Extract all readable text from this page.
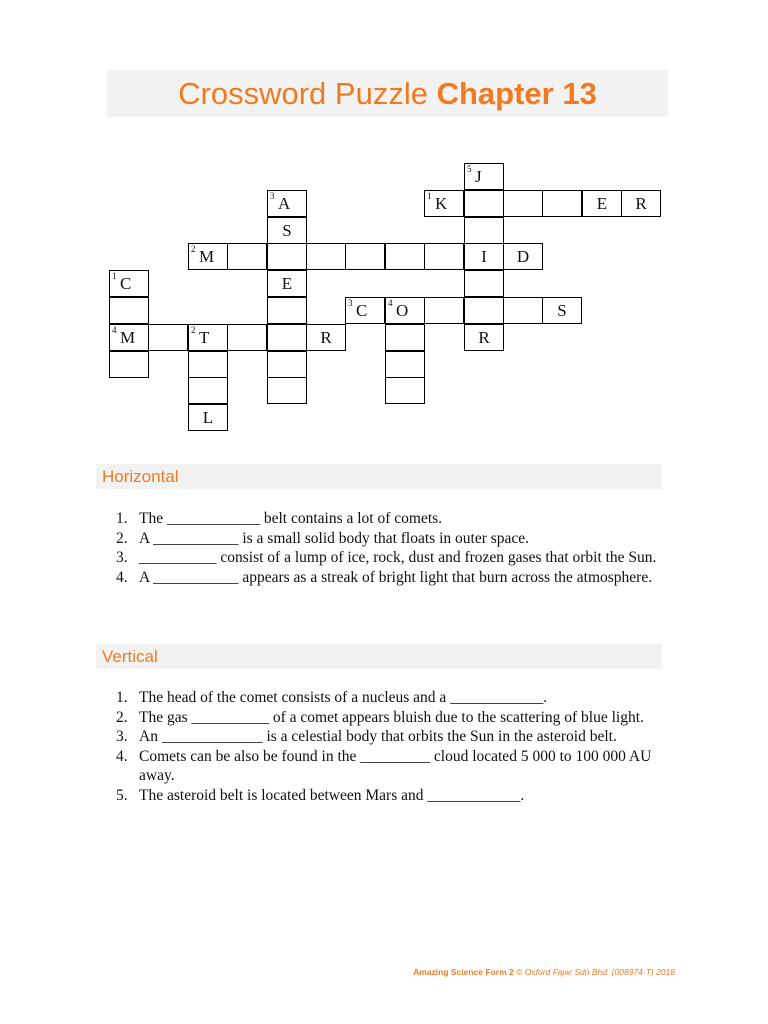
Crossword Puzzle Chapter 13
5 J
3 A	1 K	E	R
S
2 M	I	D
1 C	E
3 C	4 O	S
4 M	2 T	R	R
L
Horizontal
1. The ____________ belt contains a lot of comets.
2. A ___________ is a small solid body that floats in outer space.
3. __________ consist of a lump of ice, rock, dust and frozen gases that orbit the Sun.
4. A ___________ appears as a streak of bright light that burn across the atmosphere.
Vertical
1. The head of the comet consists of a nucleus and a ____________.
2. The gas __________ of a comet appears bluish due to the scattering of blue light.
3. An _____________ is a celestial body that orbits the Sun in the asteroid belt.
4. Comets can be also be found in the _________ cloud located 5 000 to 100 000 AU away.
5. The asteroid belt is located between Mars and ____________.
Amazing Science Form 2 © Oxford Fajar Sdn Bhd. (008974-T) 2018
